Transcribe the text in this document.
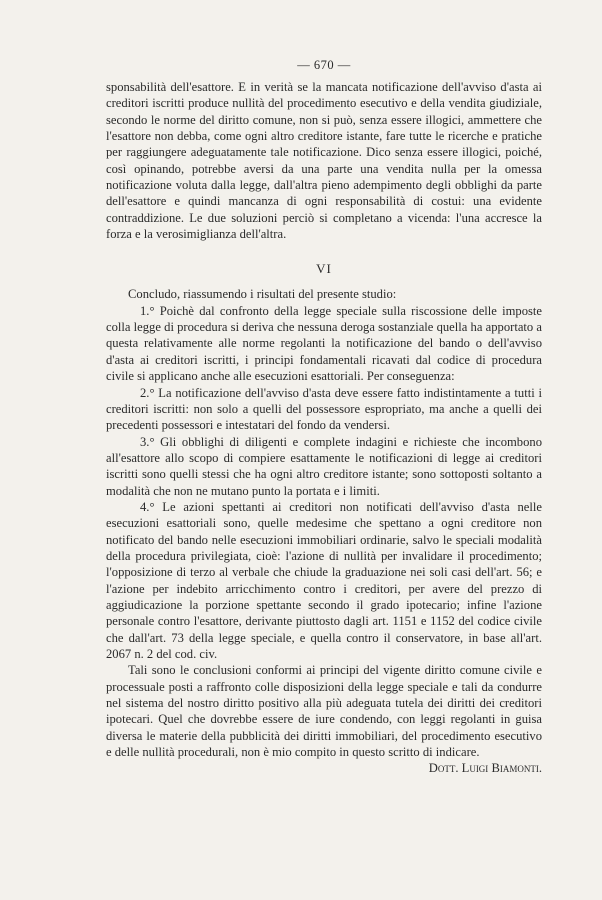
— 670 —

sponsabilità dell'esattore. E in verità se la mancata notificazione dell'avviso d'asta ai creditori iscritti produce nullità del procedimento esecutivo e della vendita giudiziale, secondo le norme del diritto comune, non si può, senza essere illogici, ammettere che l'esattore non debba, come ogni altro creditore istante, fare tutte le ricerche e pratiche per raggiungere adeguatamente tale notificazione. Dico senza essere illogici, poiché, così opinando, potrebbe aversi da una parte una vendita nulla per la omessa notificazione voluta dalla legge, dall'altra pieno adempimento degli obblighi da parte dell'esattore e quindi mancanza di ogni responsabilità di costui: una evidente contraddizione. Le due soluzioni perciò si completano a vicenda: l'una accresce la forza e la verosimiglianza dell'altra.

VI

Concludo, riassumendo i risultati del presente studio:

1.° Poichè dal confronto della legge speciale sulla riscossione delle imposte colla legge di procedura si deriva che nessuna deroga sostanziale quella ha apportato a questa relativamente alle norme regolanti la notificazione del bando o dell'avviso d'asta ai creditori iscritti, i principi fondamentali ricavati dal codice di procedura civile si applicano anche alle esecuzioni esattoriali. Per conseguenza:

2.° La notificazione dell'avviso d'asta deve essere fatto indistintamente a tutti i creditori iscritti: non solo a quelli del possessore espropriato, ma anche a quelli dei precedenti possessori e intestatari del fondo da vendersi.

3.° Gli obblighi di diligenti e complete indagini e richieste che incombono all'esattore allo scopo di compiere esattamente le notificazioni di legge ai creditori iscritti sono quelli stessi che ha ogni altro creditore istante; sono sottoposti soltanto a modalità che non ne mutano punto la portata e i limiti.

4.° Le azioni spettanti ai creditori non notificati dell'avviso d'asta nelle esecuzioni esattoriali sono, quelle medesime che spettano a ogni creditore non notificato del bando nelle esecuzioni immobiliari ordinarie, salvo le speciali modalità della procedura privilegiata, cioè: l'azione di nullità per invalidare il procedimento; l'opposizione di terzo al verbale che chiude la graduazione nei soli casi dell'art. 56; e l'azione per indebito arricchimento contro i creditori, per avere del prezzo di aggiudicazione la porzione spettante secondo il grado ipotecario; infine l'azione personale contro l'esattore, derivante piuttosto dagli art. 1151 e 1152 del codice civile che dall'art. 73 della legge speciale, e quella contro il conservatore, in base all'art. 2067 n. 2 del cod. civ.

Tali sono le conclusioni conformi ai principi del vigente diritto comune civile e processuale posti a raffronto colle disposizioni della legge speciale e tali da condurre nel sistema del nostro diritto positivo alla più adeguata tutela dei diritti dei creditori ipotecari. Quel che dovrebbe essere de iure condendo, con leggi regolanti in guisa diversa le materie della pubblicità dei diritti immobiliari, del procedimento esecutivo e delle nullità procedurali, non è mio compito in questo scritto di indicare.
Dott. Luigi Biamonti.
